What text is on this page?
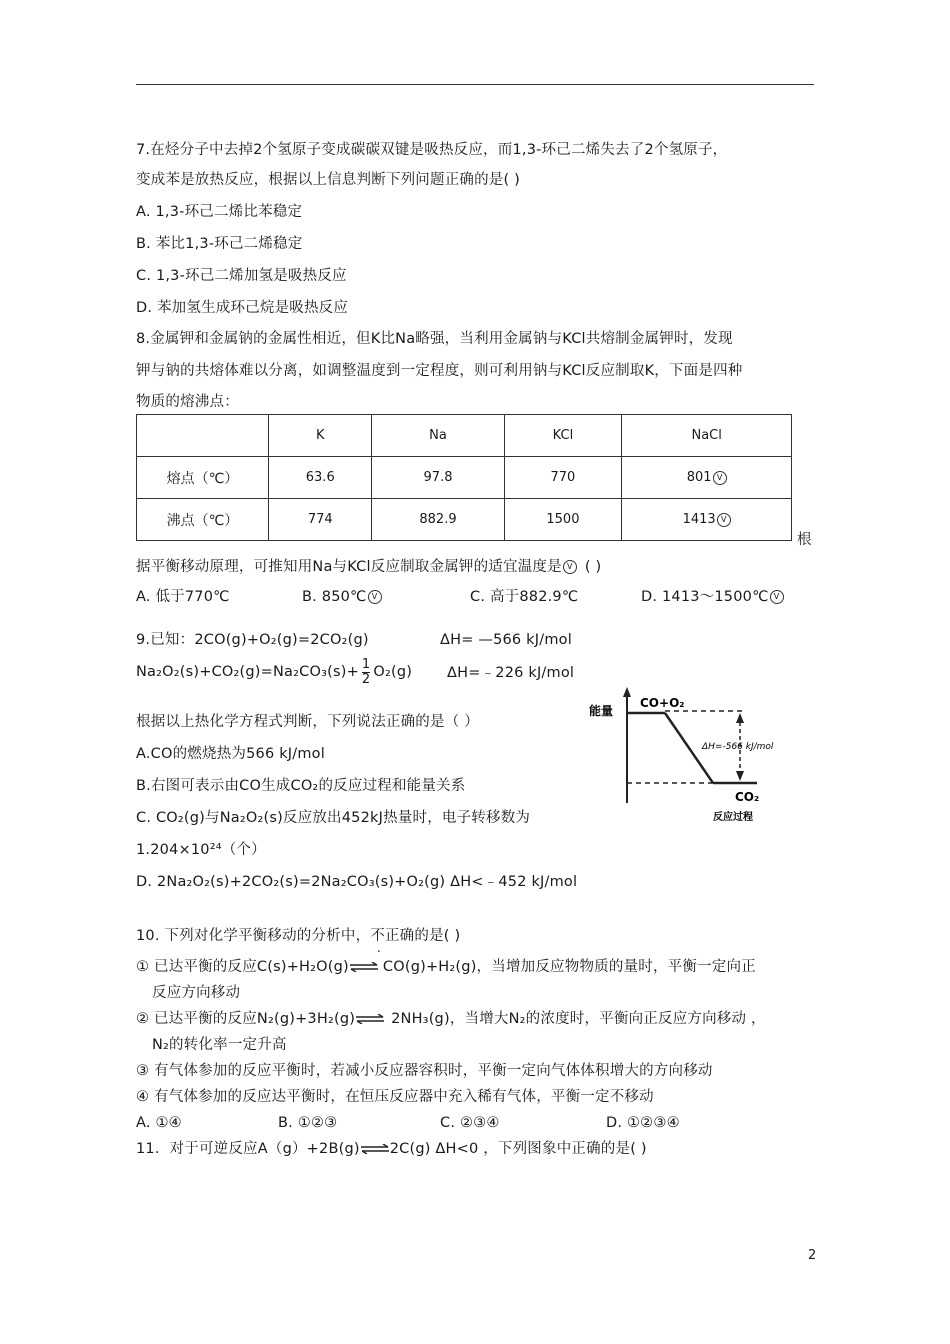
7.在烃分子中去掉2个氢原子变成碳碳双键是吸热反应，而1,3-环己二烯失去了2个氢原子，
变成苯是放热反应，根据以上信息判断下列问题正确的是( )
A. 1,3-环己二烯比苯稳定
B. 苯比1,3-环己二烯稳定
C. 1,3-环己二烯加氢是吸热反应
D. 苯加氢生成环己烷是吸热反应
8.金属钾和金属钠的金属性相近，但K比Na略强，当利用金属钠与KCl共熔制金属钾时，发现
钾与钠的共熔体难以分离，如调整温度到一定程度，则可利用钠与KCl反应制取K，下面是四种
物质的熔沸点：
	K	Na	KCl	NaCl
熔点（℃）	63.6	97.8	770	801 V
沸点（℃）	774	882.9	1500	1413 V
根
据平衡移动原理，可推知用Na与KCl反应制取金属钾的适宜温度是 V ( )
A. 低于770℃	B. 850℃ V	C. 高于882.9℃	D. 1413～1500℃ V
9.已知：2CO(g)+O₂(g)=2CO₂(g)	ΔH= —566 kJ/mol
$Na_2O_2(s)+CO_2(g)=Na_2CO_3(s)+ \frac{1}{2} O_2(g)$ ΔH=﹣226 kJ/mol
根据以上热化学方程式判断，下列说法正确的是（ ）
A.CO的燃烧热为566 kJ/mol
B.右图可表示由CO生成CO₂的反应过程和能量关系
C. CO₂(g)与Na₂O₂(s)反应放出452kJ热量时，电子转移数为
1.204×10²⁴（个）
D. 2Na₂O₂(s)+2CO₂(s)=2Na₂CO₃(s)+O₂(g) ΔH<﹣452 kJ/mol
能量
CO+O₂
ΔH=-566 kJ/mol
CO₂
反应过程
10. 下列对化学平衡移动的分析中，不正确的是( )
① 已达平衡的反应C(s)+H₂O(g)⇌ CO(g)+H₂(g)，当增加反应物物质的量时，平衡一定向正
反应方向移动
② 已达平衡的反应N₂(g)+3H₂(g)⇌ 2NH₃(g)，当增大N₂的浓度时，平衡向正反应方向移动 ，
N₂的转化率一定升高
③ 有气体参加的反应平衡时，若减小反应器容积时，平衡一定向气体体积增大的方向移动
④ 有气体参加的反应达平衡时，在恒压反应器中充入稀有气体，平衡一定不移动
A. ①④	B. ①②③	C. ②③④	D. ①②③④
11．对于可逆反应A（g）+2B(g)⇌2C(g) ΔH<0 ，下列图象中正确的是( )
2
